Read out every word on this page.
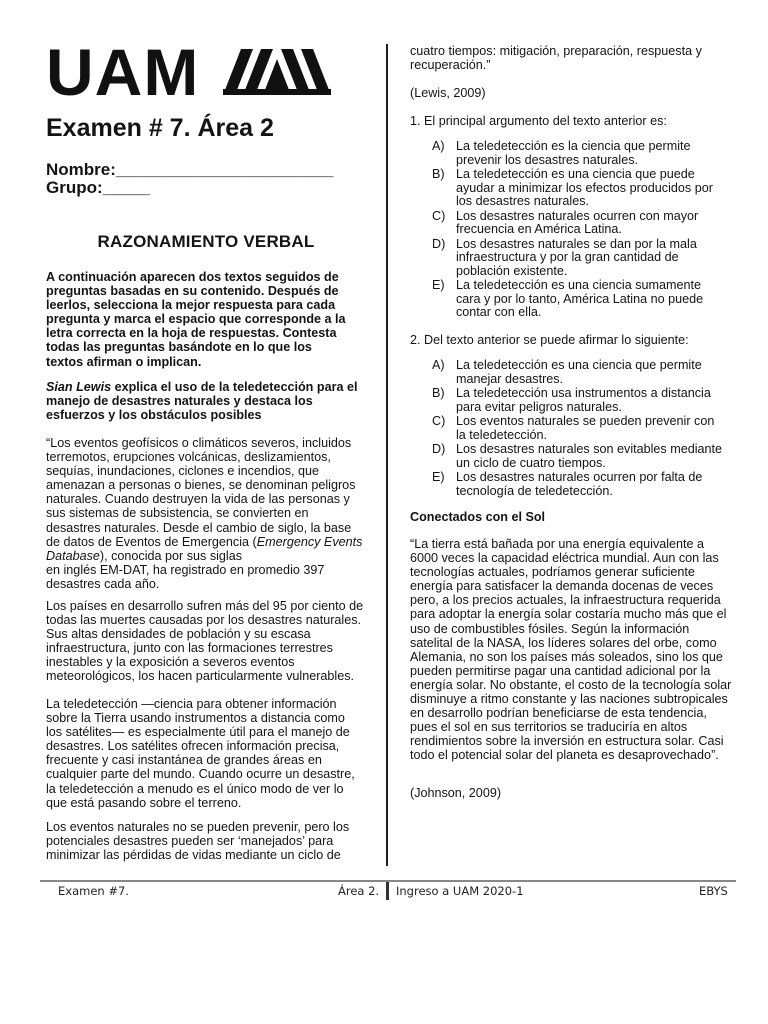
UAM
Examen # 7. Área 2

Nombre:_______________________

Grupo:_____

RAZONAMIENTO VERBAL

A continuación aparecen dos textos seguidos de preguntas basadas en su contenido. Después de leerlos, selecciona la mejor respuesta para cada pregunta y marca el espacio que corresponde a la letra correcta en la hoja de respuestas. Contesta todas las preguntas basándote en lo que los textos afirman o implican.

Sian Lewis explica el uso de la teledetección para el manejo de desastres naturales y destaca los esfuerzos y los obstáculos posibles

“Los eventos geofísicos o climáticos severos, incluidos terremotos, erupciones volcánicas, deslizamientos, sequías, inundaciones, ciclones e incendios, que amenazan a personas o bienes, se denominan peligros naturales. Cuando destruyen la vida de las personas y sus sistemas de subsistencia, se convierten en desastres naturales. Desde el cambio de siglo, la base de datos de Eventos de Emergencia (Emergency Events Database), conocida por sus siglas
en inglés EM-DAT, ha registrado en promedio 397 desastres cada año.

Los países en desarrollo sufren más del 95 por ciento de todas las muertes causadas por los desastres naturales. Sus altas densidades de población y su escasa infraestructura, junto con las formaciones terrestres inestables y la exposición a severos eventos meteorológicos, los hacen particularmente vulnerables.

La teledetección —ciencia para obtener información sobre la Tierra usando instrumentos a distancia como los satélites— es especialmente útil para el manejo de desastres. Los satélites ofrecen información precisa, frecuente y casi instantánea de grandes áreas en cualquier parte del mundo. Cuando ocurre un desastre, la teledetección a menudo es el único modo de ver lo que está pasando sobre el terreno.

Los eventos naturales no se pueden prevenir, pero los potenciales desastres pueden ser ‘manejados’ para minimizar las pérdidas de vidas mediante un ciclo de

cuatro tiempos: mitigación, preparación, respuesta y recuperación.”

(Lewis, 2009)

1. El principal argumento del texto anterior es:

A) La teledetección es la ciencia que permite prevenir los desastres naturales.
B) La teledetección es una ciencia que puede ayudar a minimizar los efectos producidos por los desastres naturales.
C) Los desastres naturales ocurren con mayor frecuencia en América Latina.
D) Los desastres naturales se dan por la mala infraestructura y por la gran cantidad de población existente.
E) La teledetección es una ciencia sumamente cara y por lo tanto, América Latina no puede contar con ella.

2. Del texto anterior se puede afirmar lo siguiente:

A) La teledetección es una ciencia que permite manejar desastres.
B) La teledetección usa instrumentos a distancia para evitar peligros naturales.
C) Los eventos naturales se pueden prevenir con la teledetección.
D) Los desastres naturales son evitables mediante un ciclo de cuatro tiempos.
E) Los desastres naturales ocurren por falta de tecnología de teledetección.

Conectados con el Sol

“La tierra está bañada por una energía equivalente a 6000 veces la capacidad eléctrica mundial. Aun con las tecnologías actuales, podríamos generar suficiente energía para satisfacer la demanda docenas de veces pero, a los precios actuales, la infraestructura requerida para adoptar la energía solar costaría mucho más que el uso de combustibles fósiles. Según la información satelital de la NASA, los líderes solares del orbe, como Alemania, no son los países más soleados, sino los que pueden permitirse pagar una cantidad adicional por la energía solar. No obstante, el costo de la tecnología solar disminuye a ritmo constante y las naciones subtropicales en desarrollo podrían beneficiarse de esta tendencia, pues el sol en sus territorios se traduciría en altos rendimientos sobre la inversión en estructura solar. Casi todo el potencial solar del planeta es desaprovechado”.

(Johnson, 2009)

Examen #7.	Área 2. Ingreso a UAM 2020-1	EBYS
